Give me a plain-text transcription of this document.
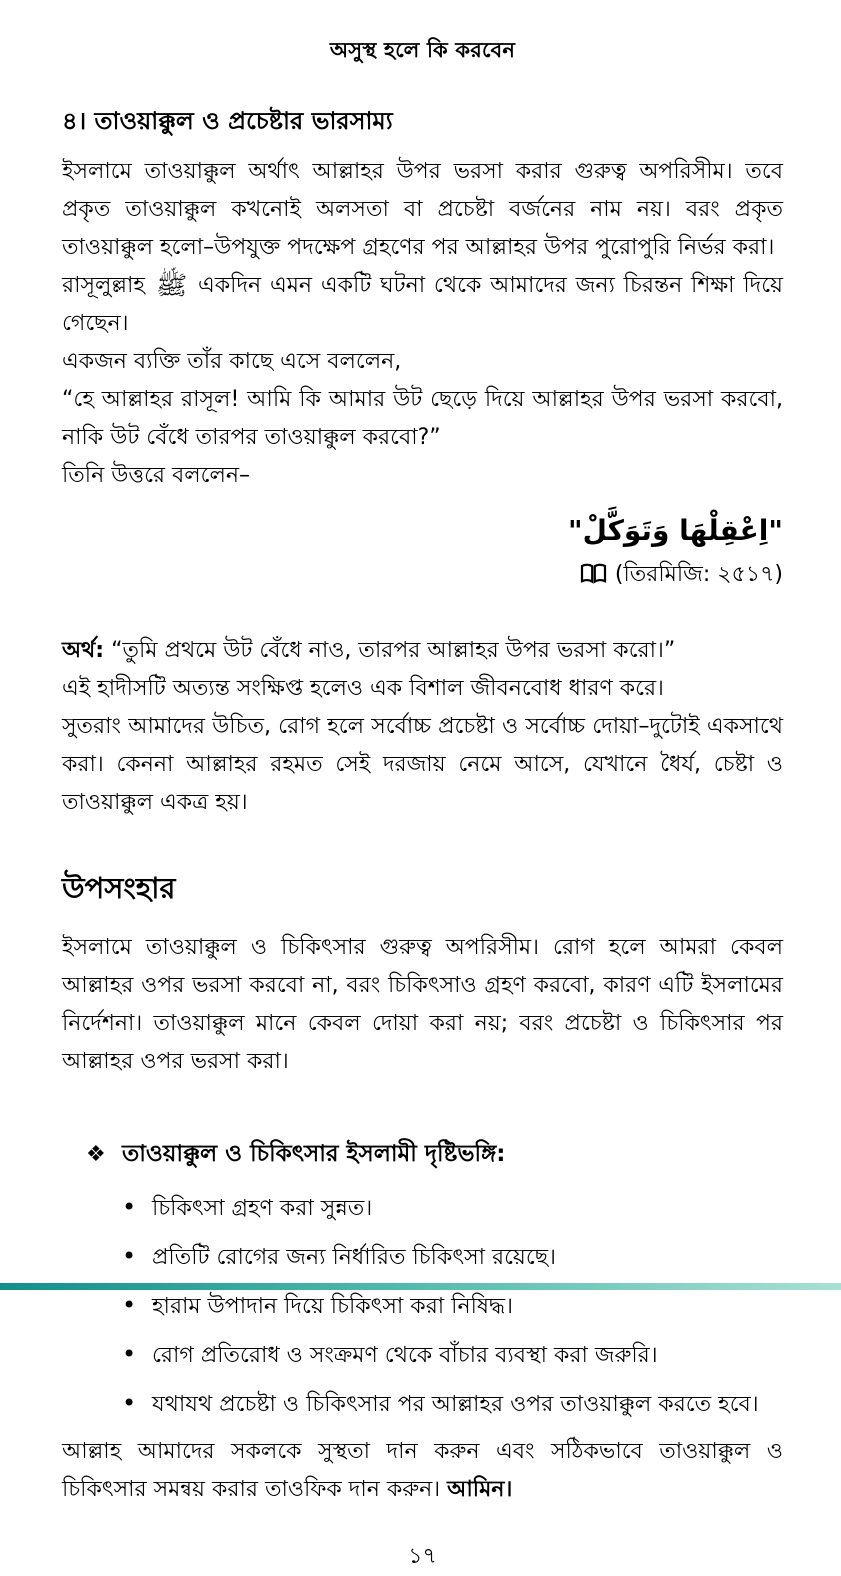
অসুস্থ হলে কি করবেন
৪। তাওয়াক্কুল ও প্রচেষ্টার ভারসাম্য

ইসলামে তাওয়াক্কুল অর্থাৎ আল্লাহর উপর ভরসা করার গুরুত্ব অপরিসীম। তবে প্রকৃত তাওয়াক্কুল কখনোই অলসতা বা প্রচেষ্টা বর্জনের নাম নয়। বরং প্রকৃত তাওয়াক্কুল হলো–উপযুক্ত পদক্ষেপ গ্রহণের পর আল্লাহর উপর পুরোপুরি নির্ভর করা।

রাসূলুল্লাহ ﷺ একদিন এমন একটি ঘটনা থেকে আমাদের জন্য চিরন্তন শিক্ষা দিয়ে গেছেন।

একজন ব্যক্তি তাঁর কাছে এসে বললেন,

“হে আল্লাহর রাসূল! আমি কি আমার উট ছেড়ে দিয়ে আল্লাহর উপর ভরসা করবো, নাকি উট বেঁধে তারপর তাওয়াক্কুল করবো?”

তিনি উত্তরে বললেন–

"اِعْقِلْهَا وَتَوَكَّلْ"

(তিরমিজি: ২৫১৭)

অর্থ: “তুমি প্রথমে উট বেঁধে নাও, তারপর আল্লাহর উপর ভরসা করো।”

এই হাদীসটি অত্যন্ত সংক্ষিপ্ত হলেও এক বিশাল জীবনবোধ ধারণ করে।

সুতরাং আমাদের উচিত, রোগ হলে সর্বোচ্চ প্রচেষ্টা ও সর্বোচ্চ দোয়া–দুটোই একসাথে করা। কেননা আল্লাহর রহমত সেই দরজায় নেমে আসে, যেখানে ধৈর্য, চেষ্টা ও তাওয়াক্কুল একত্র হয়।

উপসংহার

ইসলামে তাওয়াক্কুল ও চিকিৎসার গুরুত্ব অপরিসীম। রোগ হলে আমরা কেবল আল্লাহর ওপর ভরসা করবো না, বরং চিকিৎসাও গ্রহণ করবো, কারণ এটি ইসলামের নির্দেশনা। তাওয়াক্কুল মানে কেবল দোয়া করা নয়; বরং প্রচেষ্টা ও চিকিৎসার পর আল্লাহর ওপর ভরসা করা।

❖ তাওয়াক্কুল ও চিকিৎসার ইসলামী দৃষ্টিভঙ্গি:
• চিকিৎসা গ্রহণ করা সুন্নত।
• প্রতিটি রোগের জন্য নির্ধারিত চিকিৎসা রয়েছে।
• হারাম উপাদান দিয়ে চিকিৎসা করা নিষিদ্ধ।
• রোগ প্রতিরোধ ও সংক্রমণ থেকে বাঁচার ব্যবস্থা করা জরুরি।
• যথাযথ প্রচেষ্টা ও চিকিৎসার পর আল্লাহর ওপর তাওয়াক্কুল করতে হবে।

আল্লাহ আমাদের সকলকে সুস্থতা দান করুন এবং সঠিকভাবে তাওয়াক্কুল ও চিকিৎসার সমন্বয় করার তাওফিক দান করুন। আমিন।

১৭
